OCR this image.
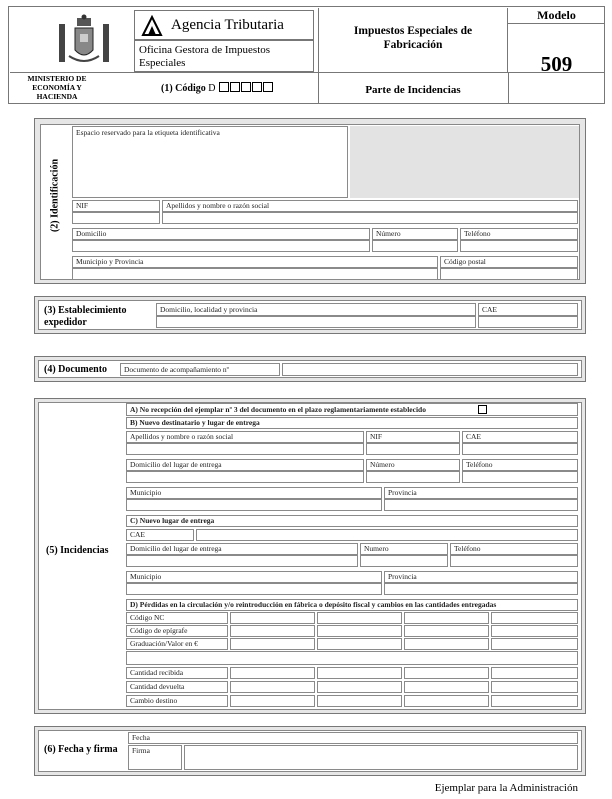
Agencia Tributaria
Oficina Gestora de Impuestos Especiales
MINISTERIO DE ECONOMÍA Y HACIENDA
(1) Código D
Impuestos Especiales de Fabricación
Parte de Incidencias
Modelo
509
(2) Identificación
Espacio reservado para la etiqueta identificativa
NIF	Apellidos y nombre o razón social
Domicilio	Número	Teléfono
Municipio y Provincia	Código postal
(3) Establecimiento expedidor
Domicilio, localidad y provincia	CAE
(4) Documento Documento de acompañamiento nº
(5) Incidencias
A) No recepción del ejemplar nº 3 del documento en el plazo reglamentariamente establecido
B) Nuevo destinatario y lugar de entrega
Apellidos y nombre o razón social	NIF	CAE
Domicilio del lugar de entrega	Número	Teléfono
Municipio	Provincia
C) Nuevo lugar de entrega
CAE
Domicilio del lugar de entrega	Numero	Teléfono
Municipio	Provincia
D) Pérdidas en la circulación y/o reintroducción en fábrica o depósito fiscal y cambios en las cantidades entregadas
Código NC
Código de epígrafe
Graduación/Valor en €
Cantidad recibida
Cantidad devuelta
Cambio destino
(6) Fecha y firma
Fecha
Firma
Ejemplar para la Administración
